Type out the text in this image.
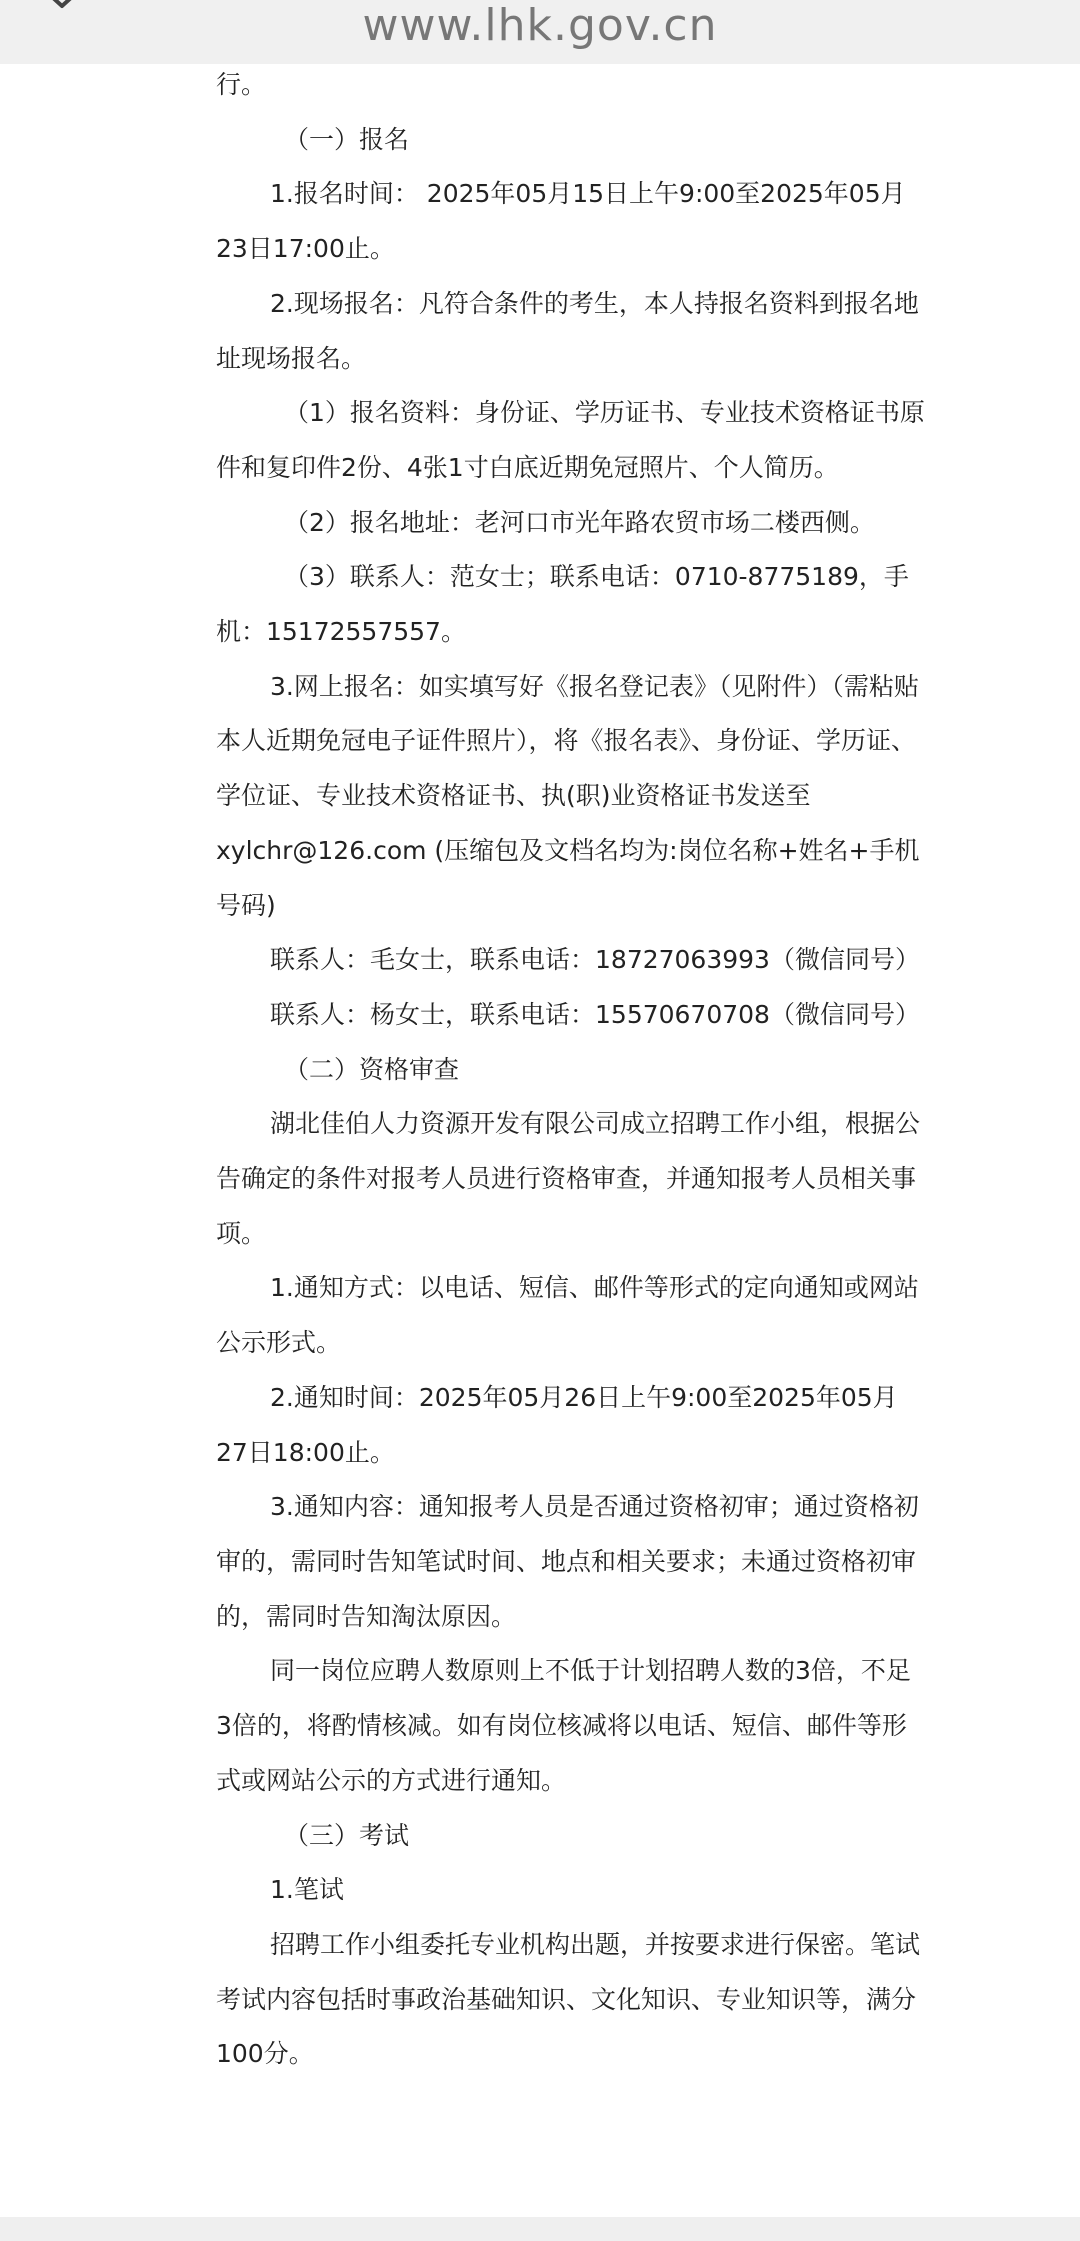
www.lhk.gov.cn

行。

（一）报名

1.报名时间： 2025年05月15日上午9:00至2025年05月23日17:00止。

2.现场报名：凡符合条件的考生，本人持报名资料到报名地址现场报名。

（1）报名资料：身份证、学历证书、专业技术资格证书原件和复印件2份、4张1寸白底近期免冠照片、个人简历。

（2）报名地址：老河口市光年路农贸市场二楼西侧。

（3）联系人：范女士；联系电话：0710-8775189，手机：15172557557。

3.网上报名：如实填写好《报名登记表》（见附件）（需粘贴本人近期免冠电子证件照片），将《报名表》、身份证、学历证、学位证、专业技术资格证书、执(职)业资格证书发送至xylchr@126.com (压缩包及文档名均为:岗位名称+姓名+手机号码)

联系人：毛女士，联系电话：18727063993（微信同号）

联系人：杨女士，联系电话：15570670708（微信同号）

（二）资格审查

湖北佳伯人力资源开发有限公司成立招聘工作小组，根据公告确定的条件对报考人员进行资格审查，并通知报考人员相关事项。

1.通知方式：以电话、短信、邮件等形式的定向通知或网站公示形式。

2.通知时间：2025年05月26日上午9:00至2025年05月27日18:00止。

3.通知内容：通知报考人员是否通过资格初审；通过资格初审的，需同时告知笔试时间、地点和相关要求；未通过资格初审的，需同时告知淘汰原因。

同一岗位应聘人数原则上不低于计划招聘人数的3倍，不足3倍的，将酌情核减。如有岗位核减将以电话、短信、邮件等形式或网站公示的方式进行通知。

（三）考试

1.笔试

招聘工作小组委托专业机构出题，并按要求进行保密。笔试考试内容包括时事政治基础知识、文化知识、专业知识等，满分100分。
